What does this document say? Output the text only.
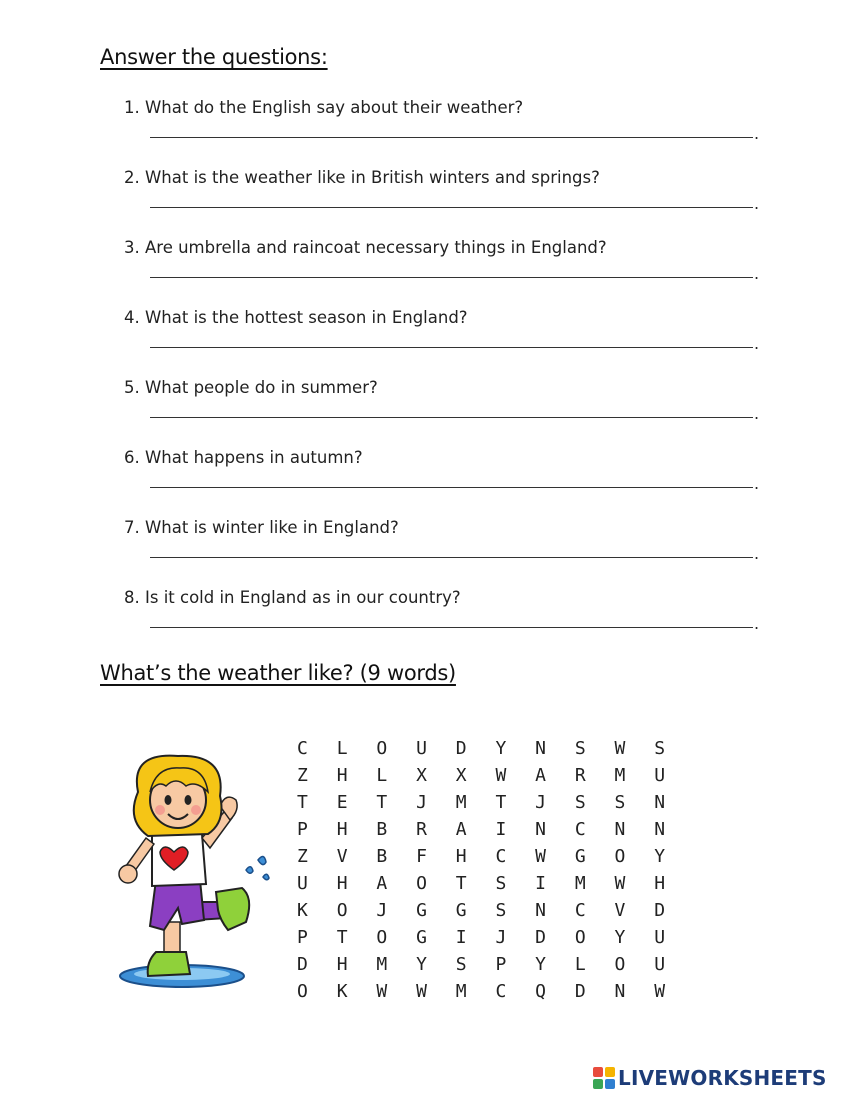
Answer the questions:
1. What do the English say about their weather?
.
2. What is the weather like in British winters and springs?
.
3. Are umbrella and raincoat necessary things in England?
.
4. What is the hottest season in England?
.
5. What people do in summer?
.
6. What happens in autumn?
.
7. What is winter like in England?
.
8. Is it cold in England as in our country?
.
What’s the weather like? (9 words)
C	L	O	U	D	Y	N	S	W	S
Z	H	L	X	X	W	A	R	M	U
T	E	T	J	M	T	J	S	S	N
P	H	B	R	A	I	N	C	N	N
Z	V	B	F	H	C	W	G	O	Y
U	H	A	O	T	S	I	M	W	H
K	O	J	G	G	S	N	C	V	D
P	T	O	G	I	J	D	O	Y	U
D	H	M	Y	S	P	Y	L	O	U
O	K	W	W	M	C	Q	D	N	W
LIVEWORKSHEETS
